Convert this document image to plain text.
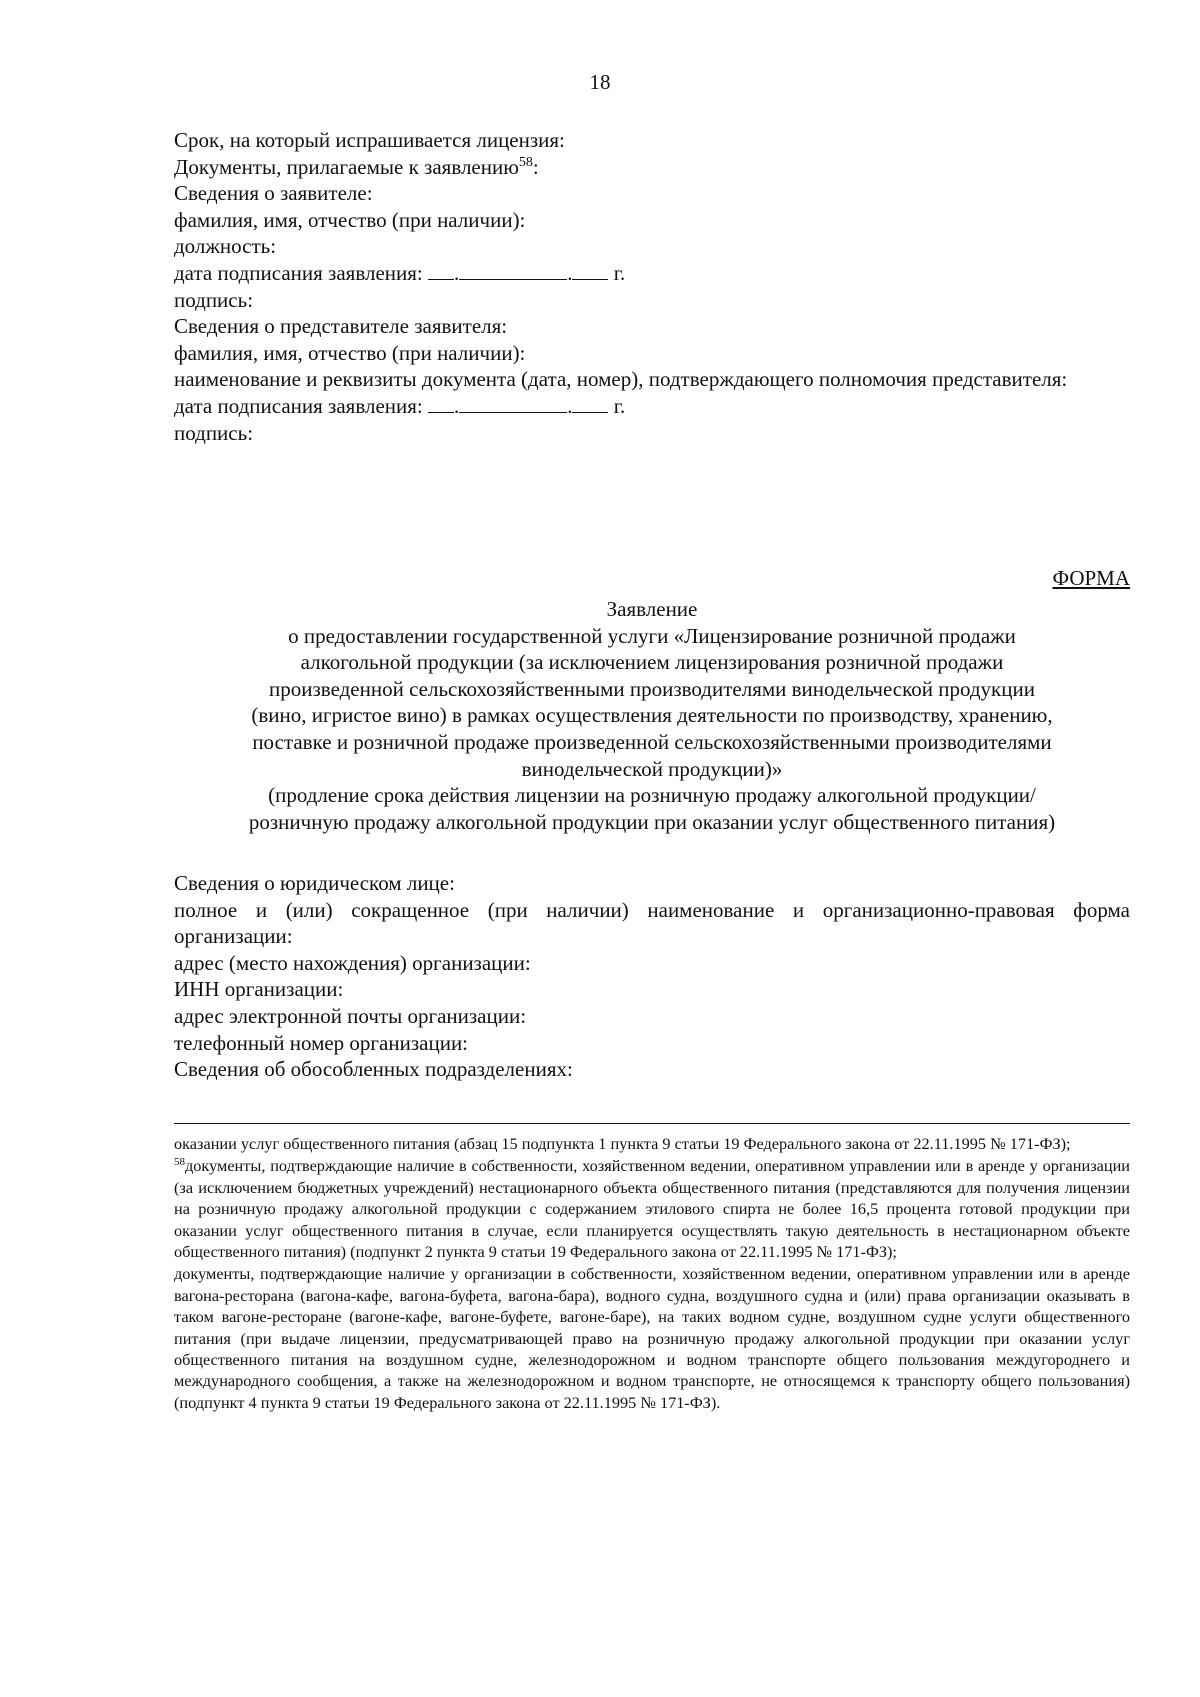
18

Срок, на который испрашивается лицензия:

Документы, прилагаемые к заявлению$^{58}$:

Сведения о заявителе:

фамилия, имя, отчество (при наличии):

должность:

дата подписания заявления: .	. г.

подпись:

Сведения о представителе заявителя:

фамилия, имя, отчество (при наличии):

наименование и реквизиты документа (дата, номер), подтверждающего полномочия представителя:

дата подписания заявления: .	. г.

подпись:

ФОРМА

Заявление

о предоставлении государственной услуги «Лицензирование розничной продажи

алкогольной продукции (за исключением лицензирования розничной продажи

произведенной сельскохозяйственными производителями винодельческой продукции

(вино, игристое вино) в рамках осуществления деятельности по производству, хранению,

поставке и розничной продаже произведенной сельскохозяйственными производителями

винодельческой продукции)»

(продление срока действия лицензии на розничную продажу алкогольной продукции/

розничную продажу алкогольной продукции при оказании услуг общественного питания)

Сведения о юридическом лице:

полное и (или) сокращенное (при наличии) наименование и организационно-правовая форма организации:

адрес (место нахождения) организации:

ИНН организации:

адрес электронной почты организации:

телефонный номер организации:

Сведения об обособленных подразделениях:

оказании услуг общественного питания (абзац 15 подпункта 1 пункта 9 статьи 19 Федерального закона от 22.11.1995 № 171-ФЗ);

$^{58}$документы, подтверждающие наличие в собственности, хозяйственном ведении, оперативном управлении или в аренде у организации (за исключением бюджетных учреждений) нестационарного объекта общественного питания (представляются для получения лицензии на розничную продажу алкогольной продукции с содержанием этилового спирта не более 16,5 процента готовой продукции при оказании услуг общественного питания в случае, если планируется осуществлять такую деятельность в нестационарном объекте общественного питания) (подпункт 2 пункта 9 статьи 19 Федерального закона от 22.11.1995 № 171-ФЗ);

документы, подтверждающие наличие у организации в собственности, хозяйственном ведении, оперативном управлении или в аренде вагона-ресторана (вагона-кафе, вагона-буфета, вагона-бара), водного судна, воздушного судна и (или) права организации оказывать в таком вагоне-ресторане (вагоне-кафе, вагоне-буфете, вагоне-баре), на таких водном судне, воздушном судне услуги общественного питания (при выдаче лицензии, предусматривающей право на розничную продажу алкогольной продукции при оказании услуг общественного питания на воздушном судне, железнодорожном и водном транспорте общего пользования междугороднего и международного сообщения, а также на железнодорожном и водном транспорте, не относящемся к транспорту общего пользования) (подпункт 4 пункта 9 статьи 19 Федерального закона от 22.11.1995 № 171-ФЗ).
